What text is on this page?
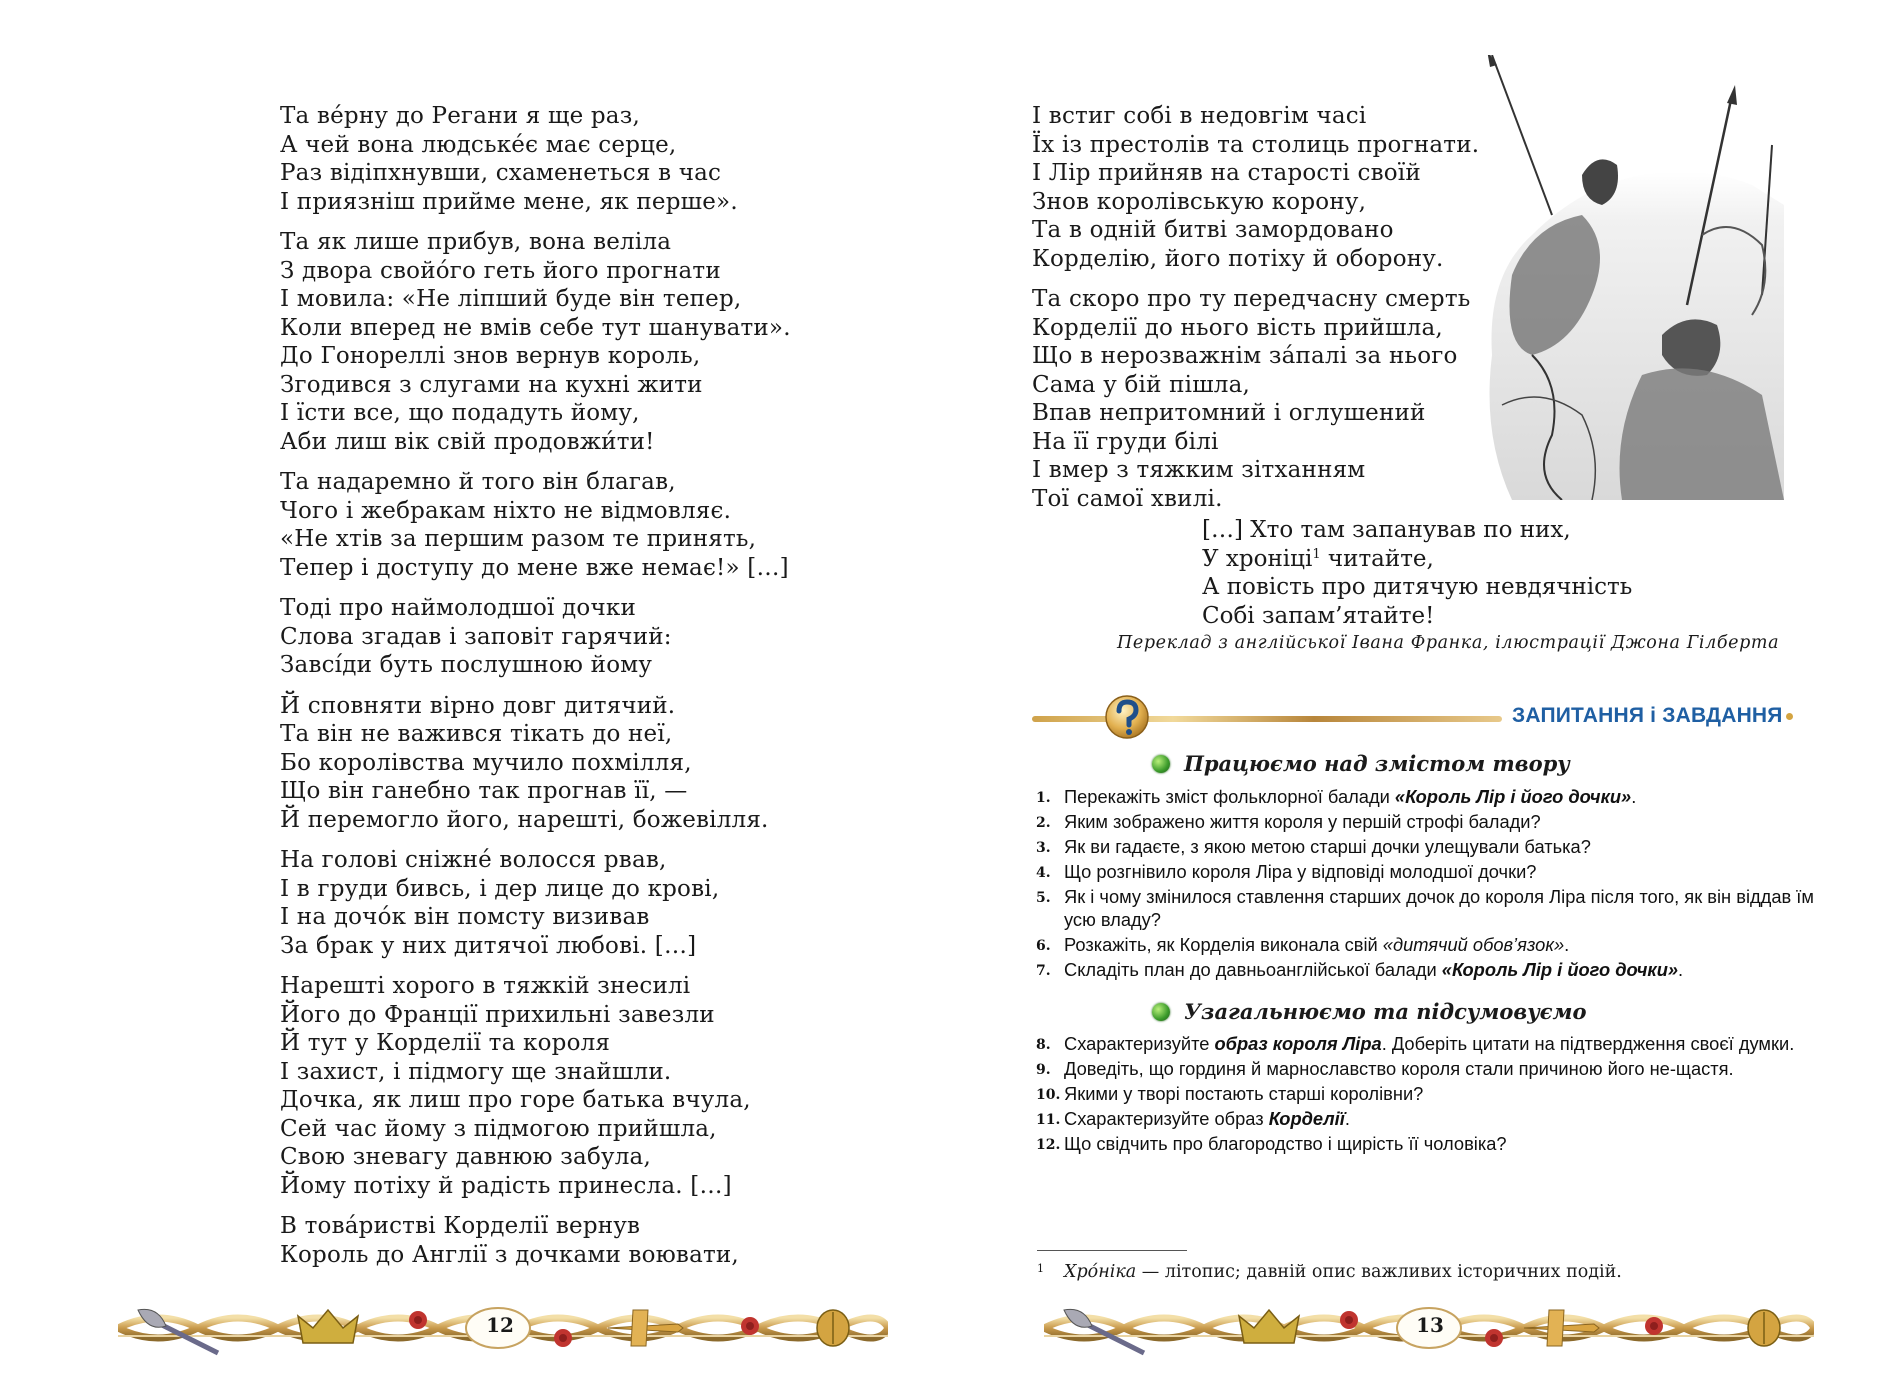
Та ве́рну до Регани я ще раз,
А чей вона людське́є має серце,
Раз відіпхнувши, схаменеться в час
І приязніш прийме мене, як перше».
Та як лише прибув, вона веліла
З двора свойо́го геть його прогнати
І мовила: «Не ліпший буде він тепер,
Коли вперед не вмів себе тут шанувати».
До Гонореллі знов вернув король,
Згодився з слугами на кухні жити
І їсти все, що подадуть йому,
Аби лиш вік свій продовжи́ти!
Та надаремно й того він благав,
Чого і жебракам ніхто не відмовляє.
«Не хтів за першим разом те принять,
Тепер і доступу до мене вже немає!» […]
Тоді про наймолодшої дочки
Слова згадав і заповіт гарячий:
Завсі́ди буть послушною йому
Й сповняти вірно довг дитячий.
Та він не важився тікать до неї,
Бо королівства мучило похмілля,
Що він ганебно так прогнав її, —
Й перемогло його, нарешті, божевілля.
На голові сніжне́ волосся рвав,
І в груди бивсь, і дер лице до крові,
І на дочо́к він помсту визивав
За брак у них дитячої любові. […]
Нарешті хорого в тяжкій знесилі
Його до Франції прихильні завезли
Й тут у Корделії та короля
І захист, і підмогу ще знайшли.
Дочка, як лиш про горе батька вчула,
Сей час йому з підмогою прийшла,
Свою зневагу давнюю забула,
Йому потіху й радість принесла. […]
В това́ристві Корделії вернув
Король до Англії з дочками воювати,
12
І встиг собі в недовгім часі
Їх із престолів та столиць прогнати.
І Лір прийняв на старості своїй
Знов королівськую корону,
Та в одній битві замордовано
Корделію, його потіху й оборону.
Та скоро про ту передчасну смерть
Корделії до нього вість прийшла,
Що в нерозважнім за́палі за нього
Сама у бій пішла,
Впав непритомний і оглушений
На її груди білі
І вмер з тяжким зітханням
Тої самої хвилі.
[…] Хто там запанував по них,
У хроніці$^1$ читайте,
А повість про дитячую невдячність
Собі запам’ятайте!
Переклад з англійської Івана Франка, ілюстрації Джона Гілберта
ЗАПИТАННЯ і ЗАВДАННЯ
Працюємо над змістом твору
1. Перекажіть зміст фольклорної балади «Король Лір і його дочки».
2. Яким зображено життя короля у першій строфі балади?
3. Як ви гадаєте, з якою метою старші дочки улещували батька?
4. Що розгнівило короля Ліра у відповіді молодшої дочки?
5. Як і чому змінилося ставлення старших дочок до короля Ліра після того, як він віддав їм усю владу?
6. Розкажіть, як Корделія виконала свій «дитячий обов’язок».
7. Складіть план до давньоанглійської балади «Король Лір і його дочки».
Узагальнюємо та підсумовуємо
8. Схарактеризуйте образ короля Ліра. Доберіть цитати на підтвердження своєї думки.
9. Доведіть, що гординя й марнославство короля стали причиною його не-щастя.
10. Якими у творі постають старші королівни?
11. Схарактеризуйте образ Корделії.
12. Що свідчить про благородство і щирість її чоловіка?
$^1$ Хро́ніка — літопис; давній опис важливих історичних подій.
13
